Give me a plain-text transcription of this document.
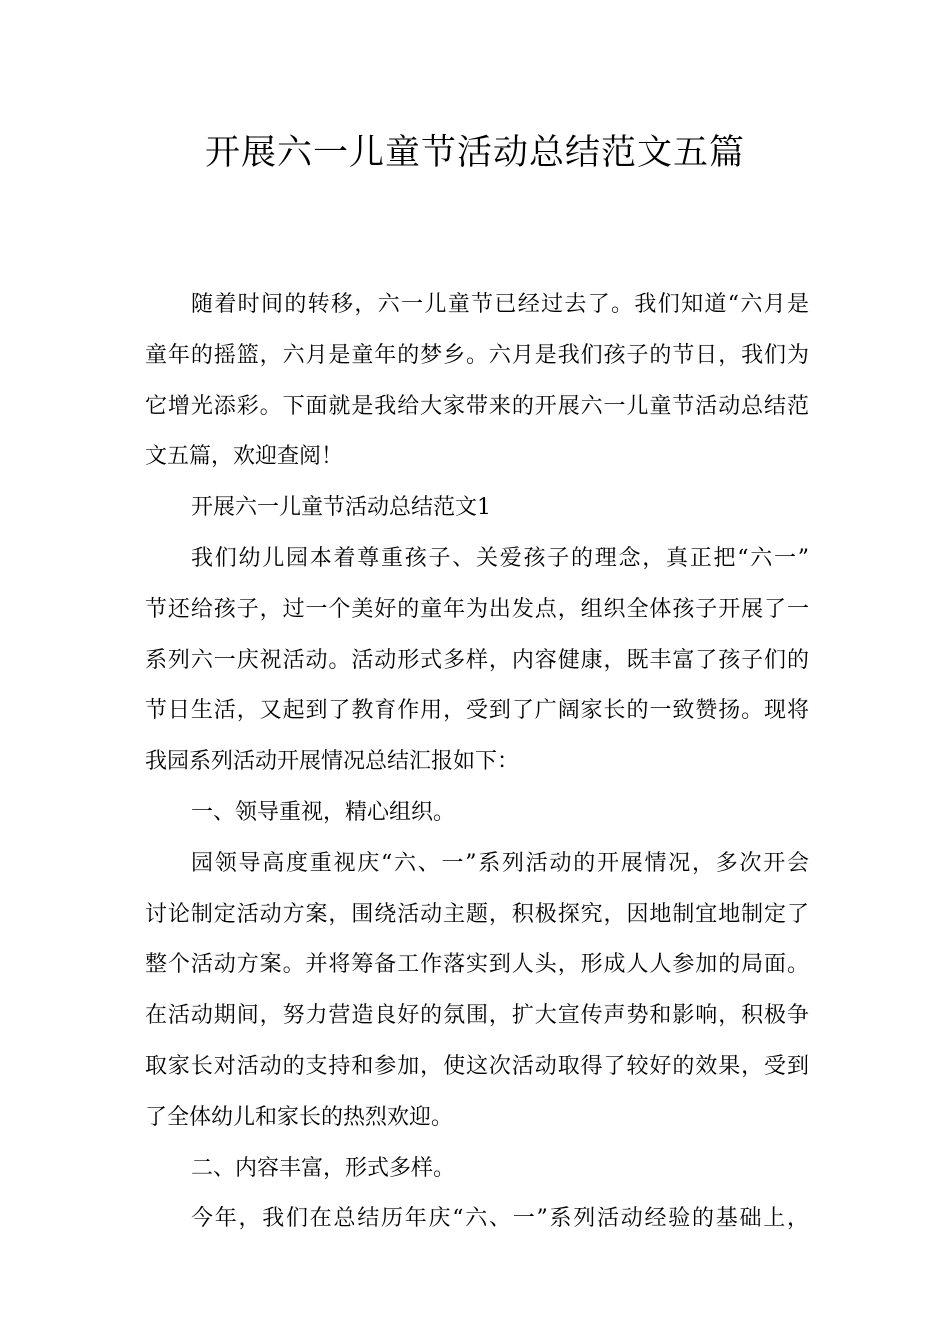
开展六一儿童节活动总结范文五篇
随着时间的转移，六一儿童节已经过去了。我们知道“六月是
童年的摇篮，六月是童年的梦乡。六月是我们孩子的节日，我们为
它增光添彩。下面就是我给大家带来的开展六一儿童节活动总结范
文五篇，欢迎查阅！
开展六一儿童节活动总结范文1
我们幼儿园本着尊重孩子、关爱孩子的理念，真正把“六一”
节还给孩子，过一个美好的童年为出发点，组织全体孩子开展了一
系列六一庆祝活动。活动形式多样，内容健康，既丰富了孩子们的
节日生活，又起到了教育作用，受到了广阔家长的一致赞扬。现将
我园系列活动开展情况总结汇报如下：
一、领导重视，精心组织。
园领导高度重视庆“六、一”系列活动的开展情况，多次开会
讨论制定活动方案，围绕活动主题，积极探究，因地制宜地制定了
整个活动方案。并将筹备工作落实到人头，形成人人参加的局面。
在活动期间，努力营造良好的氛围，扩大宣传声势和影响，积极争
取家长对活动的支持和参加，使这次活动取得了较好的效果，受到
了全体幼儿和家长的热烈欢迎。
二、内容丰富，形式多样。
今年，我们在总结历年庆“六、一”系列活动经验的基础上，
